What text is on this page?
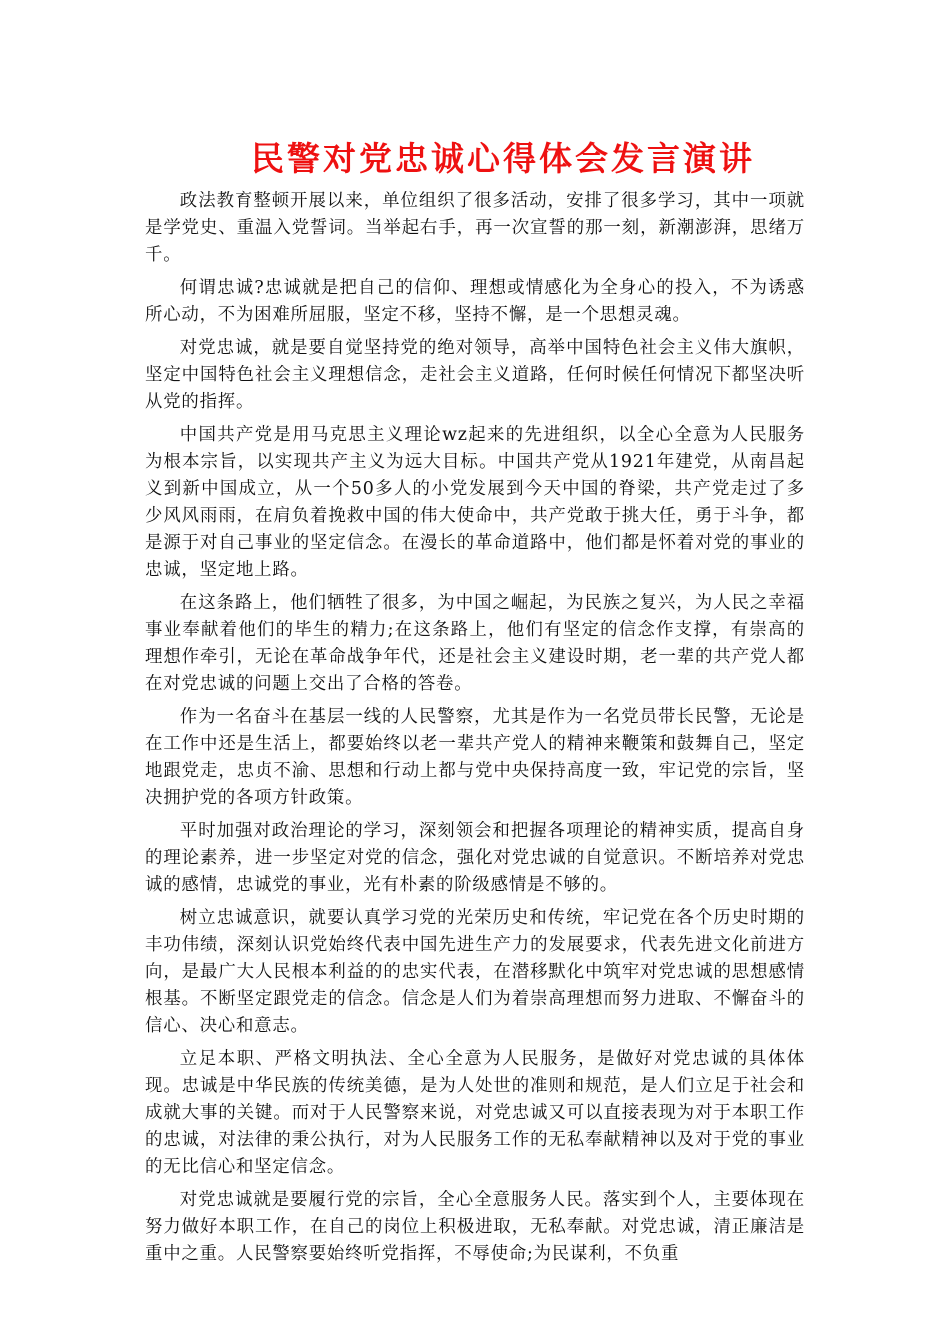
民警对党忠诚心得体会发言演讲

政法教育整顿开展以来，单位组织了很多活动，安排了很多学习，其中一项就是学党史、重温入党誓词。当举起右手，再一次宣誓的那一刻，新潮澎湃，思绪万千。

何谓忠诚?忠诚就是把自己的信仰、理想或情感化为全身心的投入，不为诱惑所心动，不为困难所屈服，坚定不移，坚持不懈，是一个思想灵魂。

对党忠诚，就是要自觉坚持党的绝对领导，高举中国特色社会主义伟大旗帜，坚定中国特色社会主义理想信念，走社会主义道路，任何时候任何情况下都坚决听从党的指挥。

中国共产党是用马克思主义理论wz起来的先进组织，以全心全意为人民服务为根本宗旨，以实现共产主义为远大目标。中国共产党从1921年建党，从南昌起义到新中国成立，从一个50多人的小党发展到今天中国的脊梁，共产党走过了多少风风雨雨，在肩负着挽救中国的伟大使命中，共产党敢于挑大任，勇于斗争，都是源于对自己事业的坚定信念。在漫长的革命道路中，他们都是怀着对党的事业的忠诚，坚定地上路。

在这条路上，他们牺牲了很多，为中国之崛起，为民族之复兴，为人民之幸福事业奉献着他们的毕生的精力;在这条路上，他们有坚定的信念作支撑，有崇高的理想作牵引，无论在革命战争年代，还是社会主义建设时期，老一辈的共产党人都在对党忠诚的问题上交出了合格的答卷。

作为一名奋斗在基层一线的人民警察，尤其是作为一名党员带长民警，无论是在工作中还是生活上，都要始终以老一辈共产党人的精神来鞭策和鼓舞自己，坚定地跟党走，忠贞不渝、思想和行动上都与党中央保持高度一致，牢记党的宗旨，坚决拥护党的各项方针政策。

平时加强对政治理论的学习，深刻领会和把握各项理论的精神实质，提高自身的理论素养，进一步坚定对党的信念，强化对党忠诚的自觉意识。不断培养对党忠诚的感情，忠诚党的事业，光有朴素的阶级感情是不够的。

树立忠诚意识，就要认真学习党的光荣历史和传统，牢记党在各个历史时期的丰功伟绩，深刻认识党始终代表中国先进生产力的发展要求，代表先进文化前进方向，是最广大人民根本利益的的忠实代表，在潜移默化中筑牢对党忠诚的思想感情根基。不断坚定跟党走的信念。信念是人们为着崇高理想而努力进取、不懈奋斗的信心、决心和意志。

立足本职、严格文明执法、全心全意为人民服务，是做好对党忠诚的具体体现。忠诚是中华民族的传统美德，是为人处世的准则和规范，是人们立足于社会和成就大事的关键。而对于人民警察来说，对党忠诚又可以直接表现为对于本职工作的忠诚，对法律的秉公执行，对为人民服务工作的无私奉献精神以及对于党的事业的无比信心和坚定信念。

对党忠诚就是要履行党的宗旨，全心全意服务人民。落实到个人，主要体现在努力做好本职工作，在自己的岗位上积极进取，无私奉献。对党忠诚，清正廉洁是重中之重。人民警察要始终听党指挥，不辱使命;为民谋利，不负重
